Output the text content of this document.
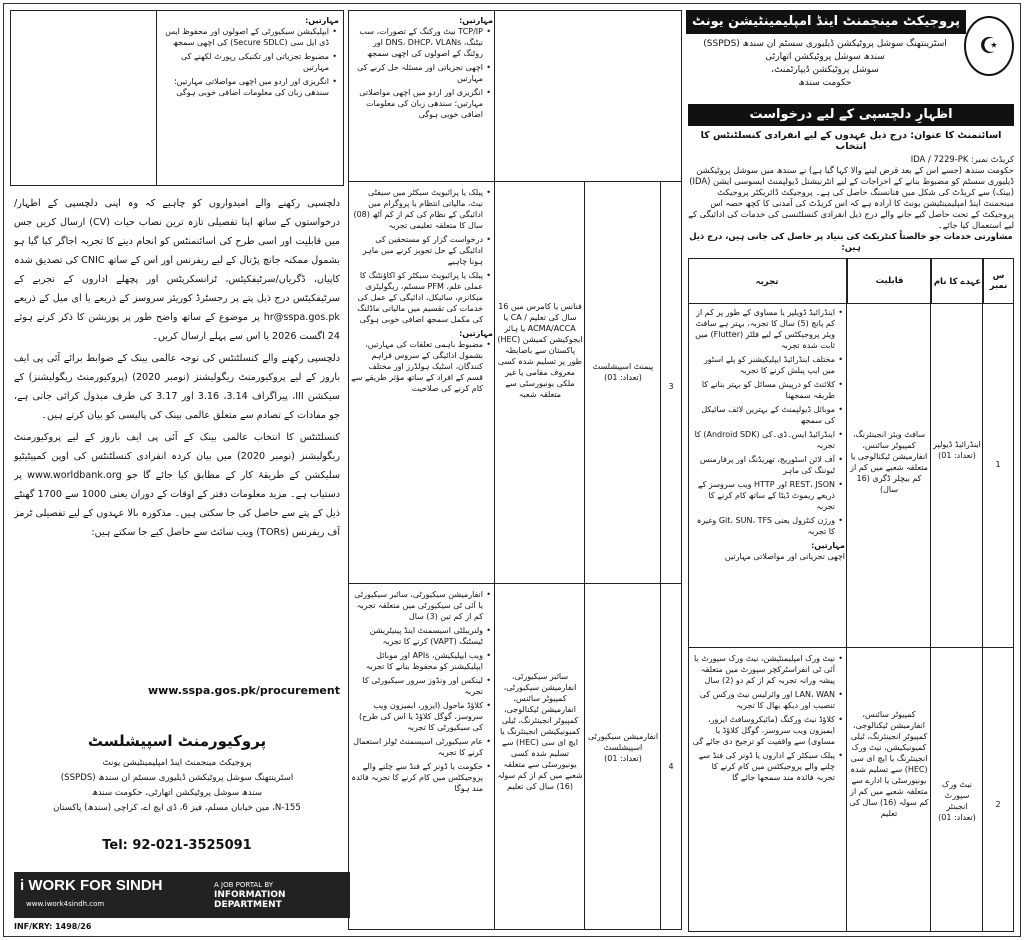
پروجیکٹ مینجمنٹ اینڈ امپلیمینٹیشن یونٹ
☪
اسٹرینتھنگ سوشل پروٹیکشن ڈیلیوری سسٹم ان سندھ (SSPDS)
سندھ سوشل پروٹیکشن اتھارٹی
سوشل پروٹیکشن ڈیپارٹمنٹ،
حکومت سندھ
اظہارِ دلچسپی کے لیے درخواست
اسائنمنٹ کا عنوان: درج ذیل عہدوں کے لیے انفرادی کنسلٹنٹس کا انتخاب
کریڈٹ نمبر: IDA / 7229-PK
حکومت سندھ (جسے اس کے بعد قرض لینے والا کہا گیا ہے) نے سندھ میں سوشل پروٹیکشن ڈیلیوری سسٹم کو مضبوط بنانے کے اخراجات کے لیے انٹرنیشنل ڈیولپمنٹ ایسوسی ایشن (IDA) (بینک) سے کریڈٹ کی شکل میں فنانسنگ حاصل کی ہے۔ پروجیکٹ ڈائریکٹر پروجیکٹ مینجمنٹ اینڈ امپلیمینٹیشن یونٹ کا ارادہ ہے کہ اس کریڈٹ کی آمدنی کا کچھ حصہ اس پروجیکٹ کے تحت حاصل کیے جانے والے درج ذیل انفرادی کنسلٹنسی کی خدمات کی ادائیگی کے لیے استعمال کیا جائے۔
مشاورتی خدمات جو خالصتاً کنٹریکٹ کی بنیاد پر حاصل کی جانی ہیں، درج ذیل ہیں:
س نمبر
عہدے کا نام
قابلیت
تجربہ
1
اینڈرائیڈ ڈیولپر
(تعداد: 01)
سافٹ ویئر انجینئرنگ، کمپیوٹر سائنس، انفارمیشن ٹیکنالوجی یا متعلقہ شعبے میں کم از کم بیچلر ڈگری (16 سال)
• اینڈرائیڈ ڈویلپر یا مساوی کے طور پر کم از کم پانچ (5) سال کا تجربہ، بہتر ہے سافٹ ویئر پروجیکٹس کے لیے فلٹر (Flutter) میں ثابت شدہ تجربہ
• مختلف اینڈرائیڈ ایپلیکیشنز کو پلے اسٹور میں ایپ پبلش کرنے کا تجربہ
• کلائنٹ کو درپیش مسائل کو بہتر بنانے کا طریقہ سمجھنا
• موبائل ڈیولپمنٹ کے بہترین لائف سائیکل کی سمجھ
• اینڈرائیڈ ایس۔ڈی۔کی (Android SDK) کا تجربہ
• آف لائن اسٹوریج، تھریڈنگ اور پرفارمنس ٹیوننگ کی ماہر
• REST، JSON اور HTTP ویب سروسز کے ذریعے ریموٹ ڈیٹا کے ساتھ کام کرنے کا تجربہ
• ورژن کنٹرول یعنی Git، SUN، TFS وغیرہ کا تجربہ
مہارتیں:
اچھی تجزیاتی اور مواصلاتی مہارتیں
2
نیٹ ورک سپورٹ انجینئر
(تعداد: 01)
کمپیوٹر سائنس، انفارمیشن ٹیکنالوجی، کمپیوٹر انجینئرنگ، ٹیلی کمیونیکیشن، نیٹ ورک انجینئرنگ یا ایچ ای سی (HEC) سے تسلیم شدہ یونیورسٹی یا ادارے سے متعلقہ شعبے میں کم از کم سولہ (16) سال کی تعلیم
• نیٹ ورک امپلیمنٹیشن، نیٹ ورک سپورٹ یا آئی ٹی انفراسٹرکچر سپورٹ میں متعلقہ پیشہ ورانہ تجربہ کم از کم دو (2) سال
• LAN، WAN اور وائرلیس نیٹ ورکس کی تنصیب اور دیکھ بھال کا تجربہ
• کلاؤڈ نیٹ ورکنگ (مائیکروسافٹ ایزور، ایمیزون ویب سروسز، گوگل کلاؤڈ یا مساوی) سے واقفیت کو ترجیح دی جائے گی
• پبلک سیکٹر کے اداروں یا ڈونر کی فنڈ سے چلنے والے پروجیکٹس میں کام کرنے کا تجربہ فائدہ مند سمجھا جائے گا
مہارتیں:
• TCP/IP نیٹ ورکنگ کے تصورات، سب نیٹنگ، DNS، DHCP، VLANs اور روٹنگ کے اصولوں کی اچھی سمجھ
• اچھی تجزیاتی اور مسئلہ حل کرنے کی مہارتیں
• انگریزی اور اردو میں اچھی مواصلاتی مہارتیں؛ سندھی زبان کی معلومات اضافی خوبی ہوگی
3
پیمنٹ اسپیشلسٹ
(تعداد: 01)
فنانس یا کامرس میں 16 سال کی تعلیم / CA یا ACMA/ACCA یا ہائر ایجوکیشن کمیشن (HEC) پاکستان سے باضابطہ طور پر تسلیم شدہ کسی معروف مقامی یا غیر ملکی یونیورسٹی سے متعلقہ شعبہ
• پبلک یا پرائیویٹ سیکٹر میں سیفٹی نیٹ، مالیاتی انتظام یا پروگرام میں ادائیگی کے نظام کی کم از کم آٹھ (08) سال کا متعلقہ تعلیمی تجربہ
• درخواست گزار کو مستحقین کی ادائیگی کے حل تجویز کرنے میں ماہر ہونا چاہیے
• پبلک یا پرائیویٹ سیکٹر کو اکاؤنٹنگ کا عملی علم، PFM سسٹم، ریگولیٹری میکانزم، سائیکل، ادائیگی کے عمل کی خدمات کی تقسیم میں مالیاتی ماڈلنگ کی مکمل سمجھ اضافی خوبی ہوگی
مہارتیں:
• مضبوط باہمی تعلقات کی مہارتیں، بشمول ادائیگی کے سروس فراہم کنندگان، اسٹیک ہولڈرز اور مختلف قسم کے افراد کے ساتھ مؤثر طریقے سے کام کرنے کی صلاحیت
4
انفارمیشن سیکیورٹی اسپیشلسٹ
(تعداد: 01)
سائبر سیکیورٹی، انفارمیشن سیکیورٹی، کمپیوٹر سائنس، انفارمیشن ٹیکنالوجی، کمپیوٹر انجینئرنگ، ٹیلی کمیونیکیشن انجینئرنگ یا ایچ ای سی (HEC) سے تسلیم شدہ کسی یونیورسٹی سے متعلقہ شعبے میں کم از کم سولہ (16) سال کی تعلیم
• انفارمیشن سیکیورٹی، سائبر سیکیورٹی یا آئی ٹی سیکیورٹی میں متعلقہ تجربہ کم از کم تین (3) سال
• ولنریبلٹی اسیسمنٹ اینڈ پینیٹریشن ٹیسٹنگ (VAPT) کرنے کا تجربہ
• ویب ایپلیکیشن، APIs اور موبائل ایپلیکیشنز کو محفوظ بنانے کا تجربہ
• لینکس اور ونڈوز سرور سیکیورٹی کا تجربہ
• کلاؤڈ ماحول (ایزور، ایمیزون ویب سروسز، گوگل کلاؤڈ یا اس کی طرح) کی سیکیورٹی کا تجربہ
• عام سیکیورٹی اسیسمنٹ ٹولز استعمال کرنے کا تجربہ
• حکومت یا ڈونر کے فنڈ سے چلنے والے پروجیکٹس میں کام کرنے کا تجربہ فائدہ مند ہوگا
مہارتیں:
• ایپلیکیشن سیکیورٹی کے اصولوں اور محفوظ ایس ڈی ایل سی (Secure SDLC) کی اچھی سمجھ
• مضبوط تجزیاتی اور تکنیکی رپورٹ لکھنے کی مہارتیں
• انگریزی اور اردو میں اچھی مواصلاتی مہارتیں؛ سندھی زبان کی معلومات اضافی خوبی ہوگی

دلچسپی رکھنے والے امیدواروں کو چاہیے کہ وہ اپنی دلچسپی کے اظہار/درخواستوں کے ساتھ اپنا تفصیلی تازہ ترین نصاب حیات (CV) ارسال کریں جس میں قابلیت اور اسی طرح کی اسائنمنٹس کو انجام دینے کا تجربہ اجاگر کیا گیا ہو بشمول ممکنہ جانچ پڑتال کے لیے ریفرنس اور اس کے ساتھ CNIC کی تصدیق شدہ کاپیاں، ڈگریاں/سرٹیفکیٹس، ٹرانسکرپٹس اور پچھلے اداروں کے تجربے کے سرٹیفکیٹس درج ذیل پتے پر رجسٹرڈ کوریئر سروسز کے ذریعے یا ای میل کے ذریعے hr@sspa.gos.pk پر موضوع کے ساتھ واضح طور پر پوزیشن کا ذکر کرتے ہوئے 24 اگست 2026 یا اس سے پہلے ارسال کریں۔

دلچسپی رکھنے والے کنسلٹنٹس کی توجہ عالمی بینک کے ضوابط برائے آئی پی ایف باروز کے لیے پروکیورمنٹ ریگولیشنز (نومبر 2020) (پروکیورمنٹ ریگولیشنز) کے سیکشن III، پیراگراف 3.14، 3.16 اور 3.17 کی طرف مبذول کرائی جاتی ہے، جو مفادات کے تصادم سے متعلق عالمی بینک کی پالیسی کو بیان کرتے ہیں۔

کنسلٹنٹس کا انتخاب عالمی بینک کے آئی پی ایف باروز کے لیے پروکیورمنٹ ریگولیشنز (نومبر 2020) میں بیان کردہ انفرادی کنسلٹنٹس کی اوپن کمپیٹیٹیو سلیکشن کے طریقۂ کار کے مطابق کیا جائے گا جو www.worldbank.org پر دستیاب ہے۔ مزید معلومات دفتر کے اوقات کے دوران یعنی 1000 سے 1700 گھنٹے ذیل کے پتے سے حاصل کی جا سکتی ہیں۔ مذکورہ بالا عہدوں کے لیے تفصیلی ٹرمز آف ریفرنس (TORs) ویب سائٹ سے حاصل کیے جا سکتے ہیں:

www.sspa.gos.pk/procurement
پروکیورمنٹ اسپیشلسٹ
پروجیکٹ مینجمنٹ اینڈ امپلیمینٹیشن یونٹ
اسٹرینتھنگ سوشل پروٹیکشن ڈیلیوری سسٹم ان سندھ (SSPDS)
سندھ سوشل پروٹیکشن اتھارٹی، حکومت سندھ
N-155، مین خیابان مسلم، فیز 6، ڈی ایچ اے، کراچی (سندھ) پاکستان
Tel: 92-021-3525091
i WORK FOR SINDH
www.iwork4sindh.com
A JOB PORTAL BY
INFORMATION DEPARTMENT
INF/KRY: 1498/26
